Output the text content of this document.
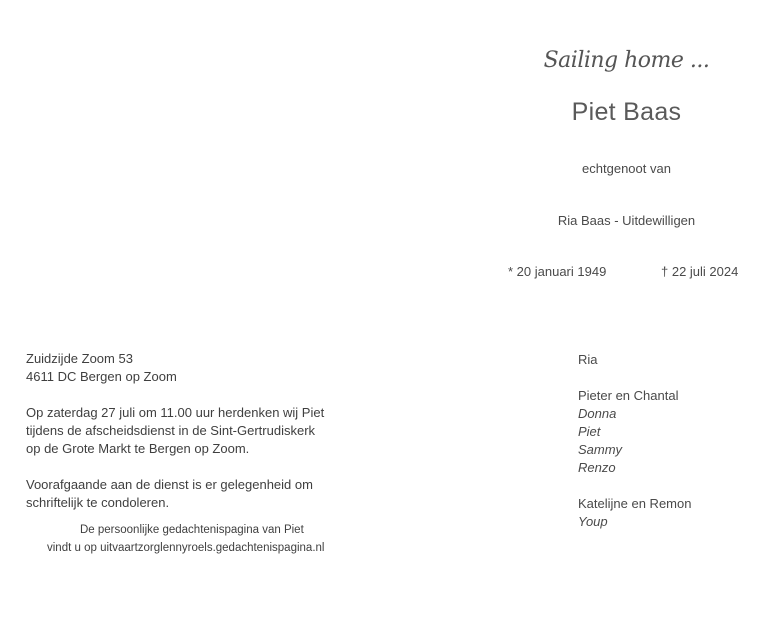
Sailing home ...
Piet Baas
echtgenoot van
Ria Baas - Uitdewilligen
* 20 januari 1949	† 22 juli 2024

Zuidzijde Zoom 53

4611 DC Bergen op Zoom

Op zaterdag 27 juli om 11.00 uur herdenken wij Piet

tijdens de afscheidsdienst in de Sint-Gertrudiskerk

op de Grote Markt te Bergen op Zoom.

Voorafgaande aan de dienst is er gelegenheid om

schriftelijk te condoleren.

De persoonlijke gedachtenispagina van Piet
vindt u op uitvaartzorglennyroels.gedachtenispagina.nl
Ria
Pieter en Chantal
Donna
Piet
Sammy
Renzo
Katelijne en Remon
Youp
